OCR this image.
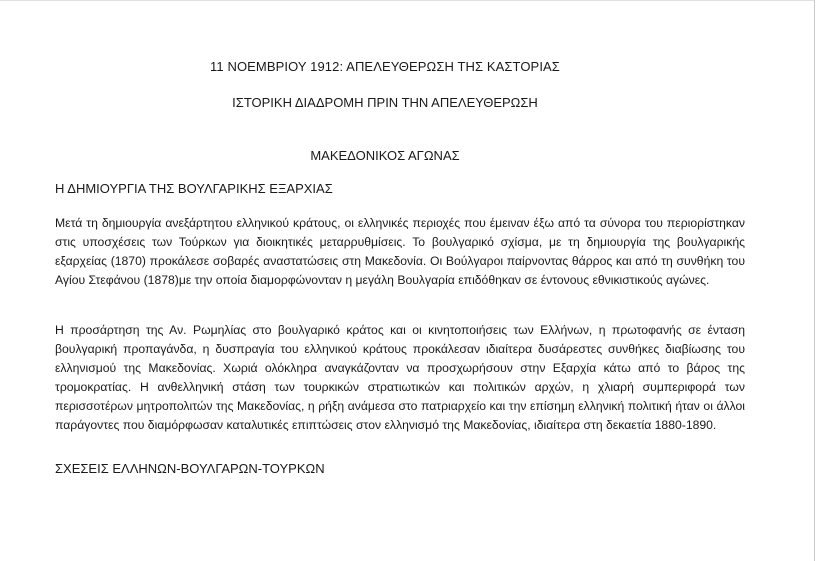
11 ΝΟΕΜΒΡΙΟΥ 1912: ΑΠΕΛΕΥΘΕΡΩΣΗ ΤΗΣ ΚΑΣΤΟΡΙΑΣ
ΙΣΤΟΡΙΚΗ ΔΙΑΔΡΟΜΗ ΠΡΙΝ ΤΗΝ ΑΠΕΛΕΥΘΕΡΩΣΗ
ΜΑΚΕΔΟΝΙΚΟΣ ΑΓΩΝΑΣ
Η ΔΗΜΙΟΥΡΓΙΑ ΤΗΣ ΒΟΥΛΓΑΡΙΚΗΣ ΕΞΑΡΧΙΑΣ

Μετά τη δημιουργία ανεξάρτητου ελληνικού κράτους, οι ελληνικές περιοχές που έμειναν έξω από τα σύνορα του περιορίστηκαν στις υποσχέσεις των Τούρκων για διοικητικές μεταρρυθμίσεις. Το βουλγαρικό σχίσμα, με τη δημιουργία της βουλγαρικής εξαρχείας (1870) προκάλεσε σοβαρές αναστατώσεις στη Μακεδονία. Οι Βούλγαροι παίρνοντας θάρρος και από τη συνθήκη του Αγίου Στεφάνου (1878)με την οποία διαμορφώνονταν η μεγάλη Βουλγαρία επιδόθηκαν σε έντονους εθνικιστικούς αγώνες.

Η προσάρτηση της Αν. Ρωμηλίας στο βουλγαρικό κράτος και οι κινητοποιήσεις των Ελλήνων, η πρωτοφανής σε ένταση βουλγαρική προπαγάνδα, η δυσπραγία του ελληνικού κράτους προκάλεσαν ιδιαίτερα δυσάρεστες συνθήκες διαβίωσης του ελληνισμού της Μακεδονίας. Χωριά ολόκληρα αναγκάζονταν να προσχωρήσουν στην Εξαρχία κάτω από το βάρος της τρομοκρατίας. Η ανθελληνική στάση των τουρκικών στρατιωτικών και πολιτικών αρχών, η χλιαρή συμπεριφορά των περισσοτέρων μητροπολιτών της Μακεδονίας, η ρήξη ανάμεσα στο πατριαρχείο και την επίσημη ελληνική πολιτική ήταν οι άλλοι παράγοντες που διαμόρφωσαν καταλυτικές επιπτώσεις στον ελληνισμό της Μακεδονίας, ιδιαίτερα στη δεκαετία 1880-1890.

ΣΧΕΣΕΙΣ ΕΛΛΗΝΩΝ-ΒΟΥΛΓΑΡΩΝ-ΤΟΥΡΚΩΝ
